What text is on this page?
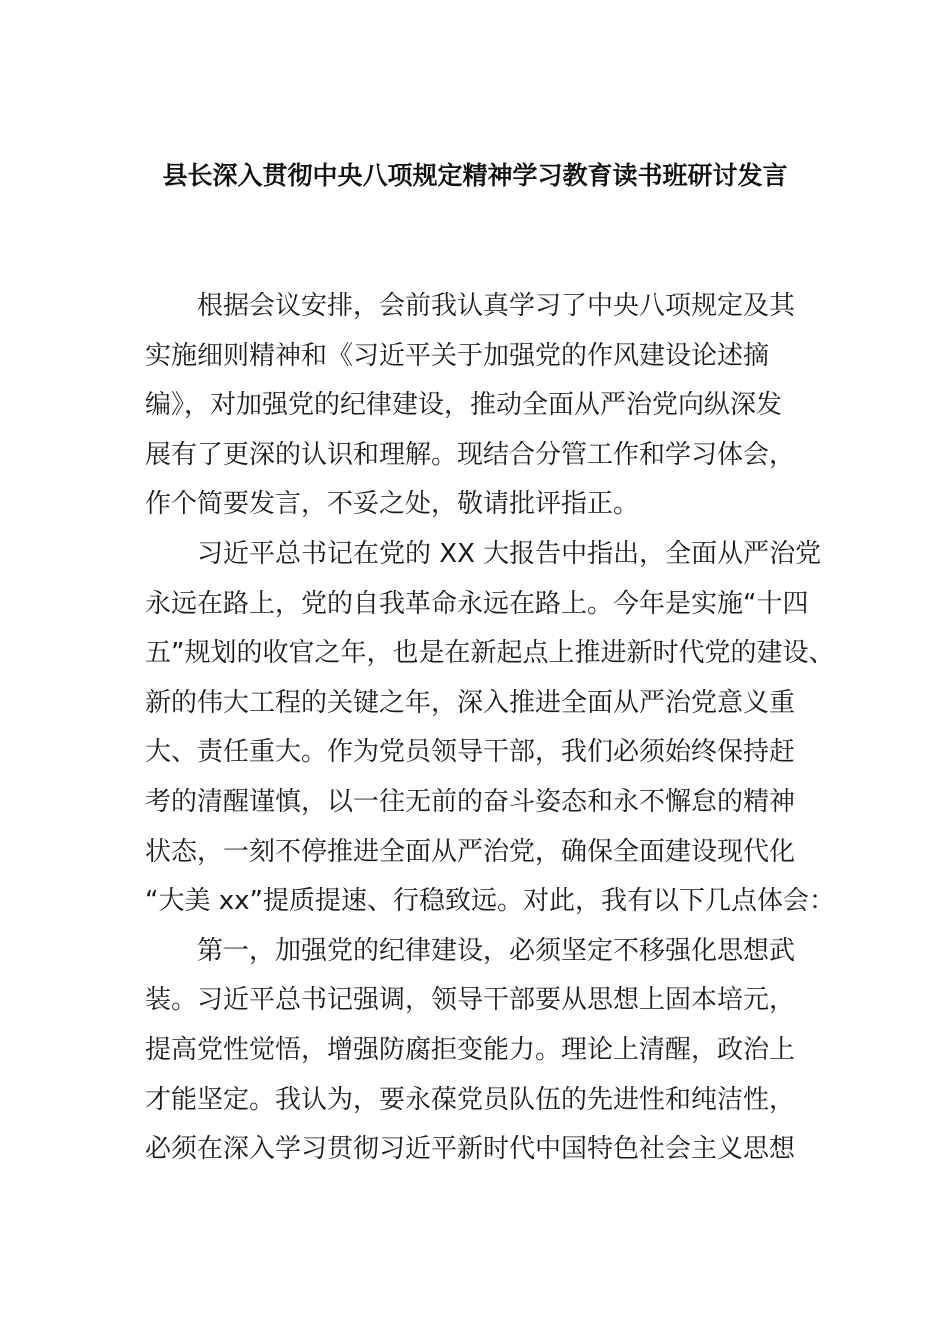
县长深入贯彻中央八项规定精神学习教育读书班研讨发言
根据会议安排，会前我认真学习了中央八项规定及其
实施细则精神和《习近平关于加强党的作风建设论述摘
编》，对加强党的纪律建设，推动全面从严治党向纵深发
展有了更深的认识和理解。现结合分管工作和学习体会，
作个简要发言，不妥之处，敬请批评指正。
习近平总书记在党的 XX 大报告中指出，全面从严治党
永远在路上，党的自我革命永远在路上。今年是实施“十四
五”规划的收官之年，也是在新起点上推进新时代党的建设、
新的伟大工程的关键之年，深入推进全面从严治党意义重
大、责任重大。作为党员领导干部，我们必须始终保持赶
考的清醒谨慎，以一往无前的奋斗姿态和永不懈怠的精神
状态，一刻不停推进全面从严治党，确保全面建设现代化
“大美 xx”提质提速、行稳致远。对此，我有以下几点体会：
第一，加强党的纪律建设，必须坚定不移强化思想武
装。习近平总书记强调，领导干部要从思想上固本培元，
提高党性觉悟，增强防腐拒变能力。理论上清醒，政治上
才能坚定。我认为，要永葆党员队伍的先进性和纯洁性，
必须在深入学习贯彻习近平新时代中国特色社会主义思想
